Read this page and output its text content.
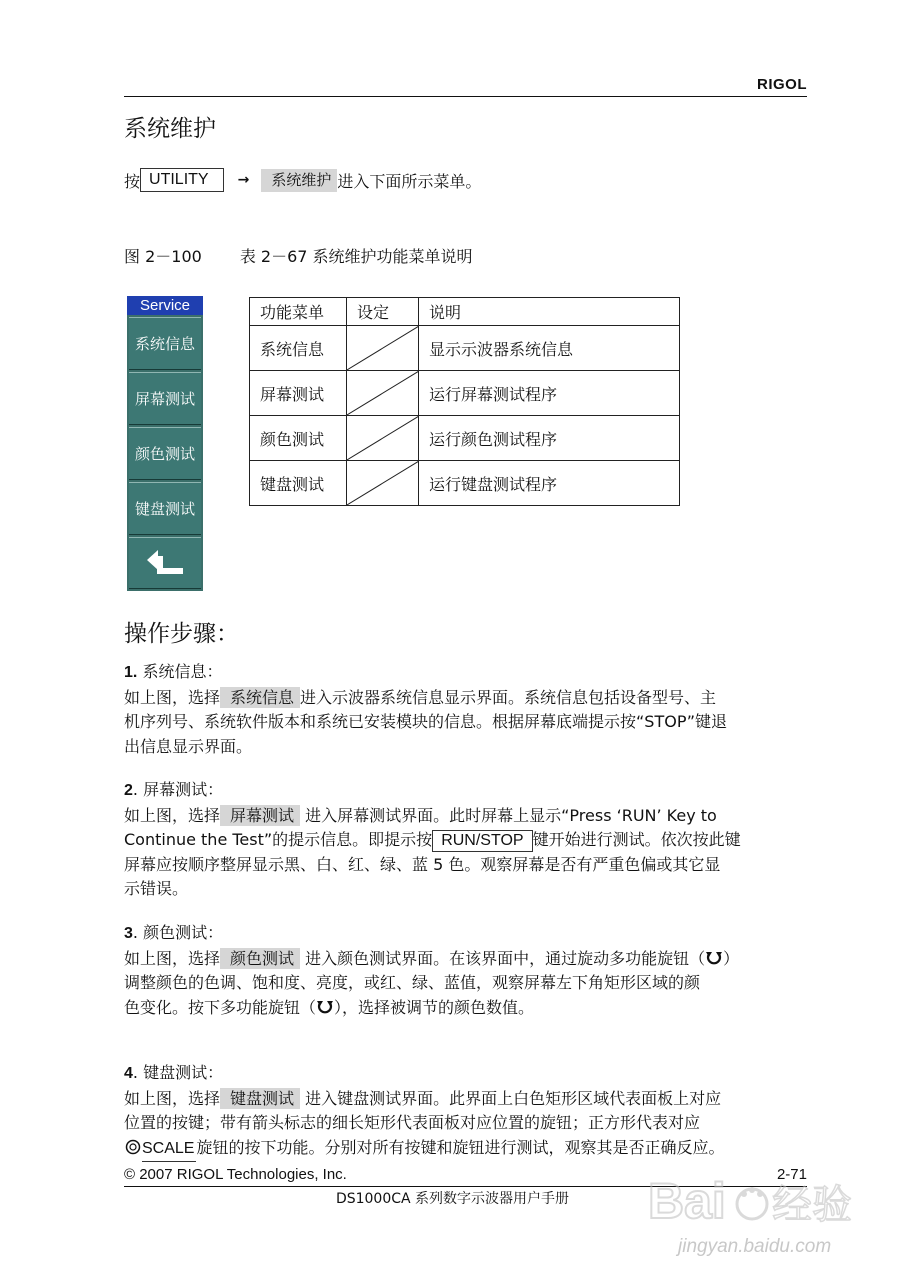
RIGOL
系统维护
按 UTILITY	→	系统维护 进入下面所示菜单。
图 2－100 表 2－67 系统维护功能菜单说明
Service
系统信息
屏幕测试
颜色测试
键盘测试
功能菜单	设定	说明
系统信息		显示示波器系统信息
屏幕测试		运行屏幕测试程序
颜色测试		运行颜色测试程序
键盘测试		运行键盘测试程序
操作步骤：
1. 系统信息：
如上图，选择 系统信息 进入示波器系统信息显示界面。系统信息包括设备型号、主
机序列号、系统软件版本和系统已安装模块的信息。根据屏幕底端提示按“STOP”键退
出信息显示界面。
2. 屏幕测试：
如上图，选择 屏幕测试 进入屏幕测试界面。此时屏幕上显示“Press ‘RUN’ Key to
Continue the Test”的提示信息。即提示按 RUN/STOP 键开始进行测试。依次按此键
屏幕应按顺序整屏显示黑、白、红、绿、蓝 5 色。观察屏幕是否有严重色偏或其它显
示错误。
3. 颜色测试：
如上图，选择 颜色测试 进入颜色测试界面。在该界面中，通过旋动多功能旋钮（ ）
调整颜色的色调、饱和度、亮度，或红、绿、蓝值，观察屏幕左下角矩形区域的颜
色变化。按下多功能旋钮（ ），选择被调节的颜色数值。
4. 键盘测试：
如上图，选择 键盘测试 进入键盘测试界面。此界面上白色矩形区域代表面板上对应
位置的按键；带有箭头标志的细长矩形代表面板对应位置的旋钮；正方形代表对应
SCALE 旋钮的按下功能。分别对所有按键和旋钮进行测试，观察其是否正确反应。
© 2007 RIGOL Technologies, Inc.	2-71
DS1000CA 系列数字示波器用户手册	Bai 经验
jingyan.baidu.com
